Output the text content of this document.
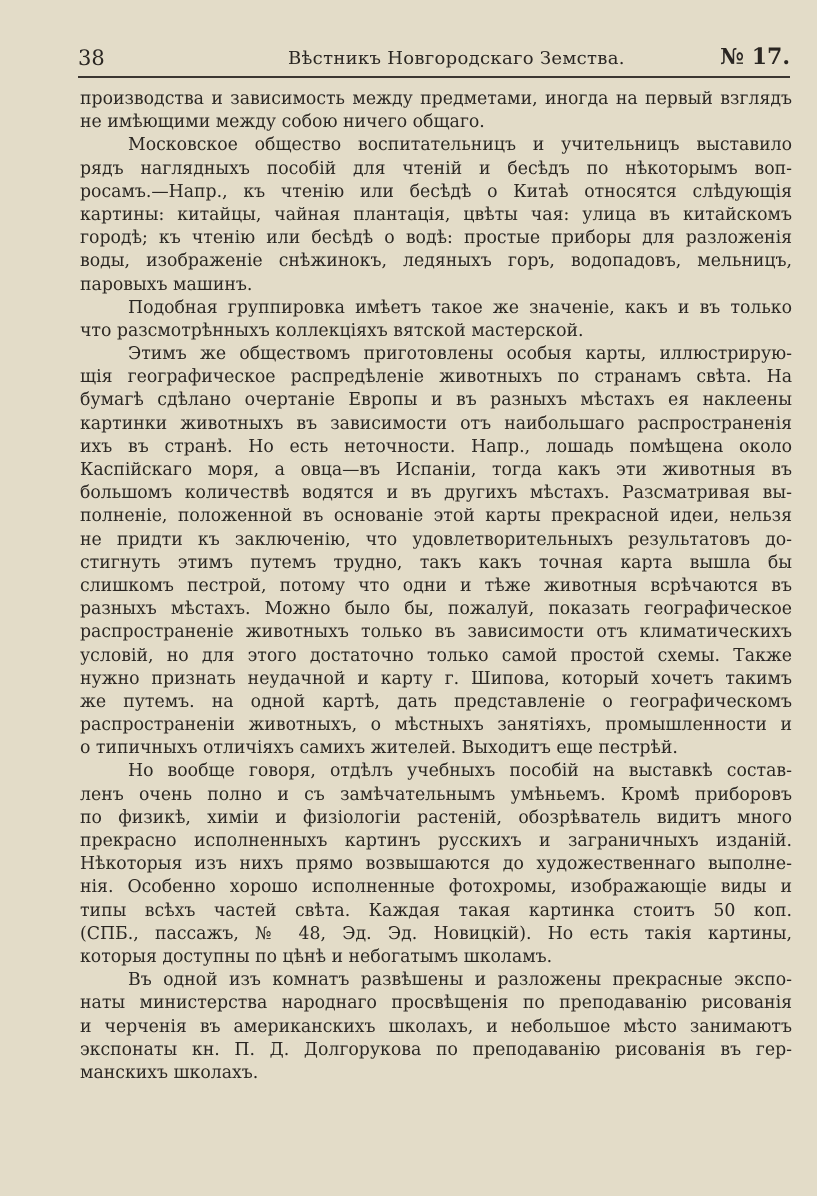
38	Вѣстникъ Новгородскаго Земства.	№ 17.
производства и зависимость между предметами, иногда на первый взглядъ
не имѣющими между собою ничего общаго.
Московское общество воспитательницъ и учительницъ выставило
рядъ наглядныхъ пособій для чтеній и бесѣдъ по нѣкоторымъ воп-
росамъ.—Напр., къ чтенію или бесѣдѣ о Китаѣ относятся слѣдующія
картины: китайцы, чайная плантація, цвѣты чая: улица въ китайскомъ
городѣ; къ чтенію или бесѣдѣ о водѣ: простые приборы для разложенія
воды, изображеніе снѣжинокъ, ледяныхъ горъ, водопадовъ, мельницъ,
паровыхъ машинъ.
Подобная группировка имѣетъ такое же значеніе, какъ и въ только
что разсмотрѣнныхъ коллекціяхъ вятской мастерской.
Этимъ же обществомъ приготовлены особыя карты, иллюстрирую-
щія географическое распредѣленіе животныхъ по странамъ свѣта. На
бумагѣ сдѣлано очертаніе Европы и въ разныхъ мѣстахъ ея наклеены
картинки животныхъ въ зависимости отъ наибольшаго распространенія
ихъ въ странѣ. Но есть неточности. Напр., лошадь помѣщена около
Каспійскаго моря, а овца—въ Испаніи, тогда какъ эти животныя въ
большомъ количествѣ водятся и въ другихъ мѣстахъ. Разсматривая вы-
полненіе, положенной въ основаніе этой карты прекрасной идеи, нельзя
не придти къ заключенію, что удовлетворительныхъ результатовъ до-
стигнуть этимъ путемъ трудно, такъ какъ точная карта вышла бы
слишкомъ пестрой, потому что одни и тѣже животныя всрѣчаются въ
разныхъ мѣстахъ. Можно было бы, пожалуй, показать географическое
распространеніе животныхъ только въ зависимости отъ климатическихъ
условій, но для этого достаточно только самой простой схемы. Также
нужно признать неудачной и карту г. Шипова, который хочетъ такимъ
же путемъ. на одной картѣ, дать представленіе о географическомъ
распространеніи животныхъ, о мѣстныхъ занятіяхъ, промышленности и
о типичныхъ отличіяхъ самихъ жителей. Выходитъ еще пестрѣй.
Но вообще говоря, отдѣлъ учебныхъ пособій на выставкѣ состав-
ленъ очень полно и съ замѣчательнымъ умѣньемъ. Кромѣ приборовъ
по физикѣ, химіи и физіологіи растеній, обозрѣватель видитъ много
прекрасно исполненныхъ картинъ русскихъ и заграничныхъ изданій.
Нѣкоторыя изъ нихъ прямо возвышаются до художественнаго выполне-
нія. Особенно хорошо исполненные фотохромы, изображающіе виды и
типы всѣхъ частей свѣта. Каждая такая картинка стоитъ 50 коп.
(СПБ., пассажъ, № 48, Эд. Эд. Новицкій). Но есть такія картины,
которыя доступны по цѣнѣ и небогатымъ школамъ.
Въ одной изъ комнатъ развѣшены и разложены прекрасные экспо-
наты министерства народнаго просвѣщенія по преподаванію рисованія
и черченія въ американскихъ школахъ, и небольшое мѣсто занимаютъ
экспонаты кн. П. Д. Долгорукова по преподаванію рисованія въ гер-
манскихъ школахъ.
